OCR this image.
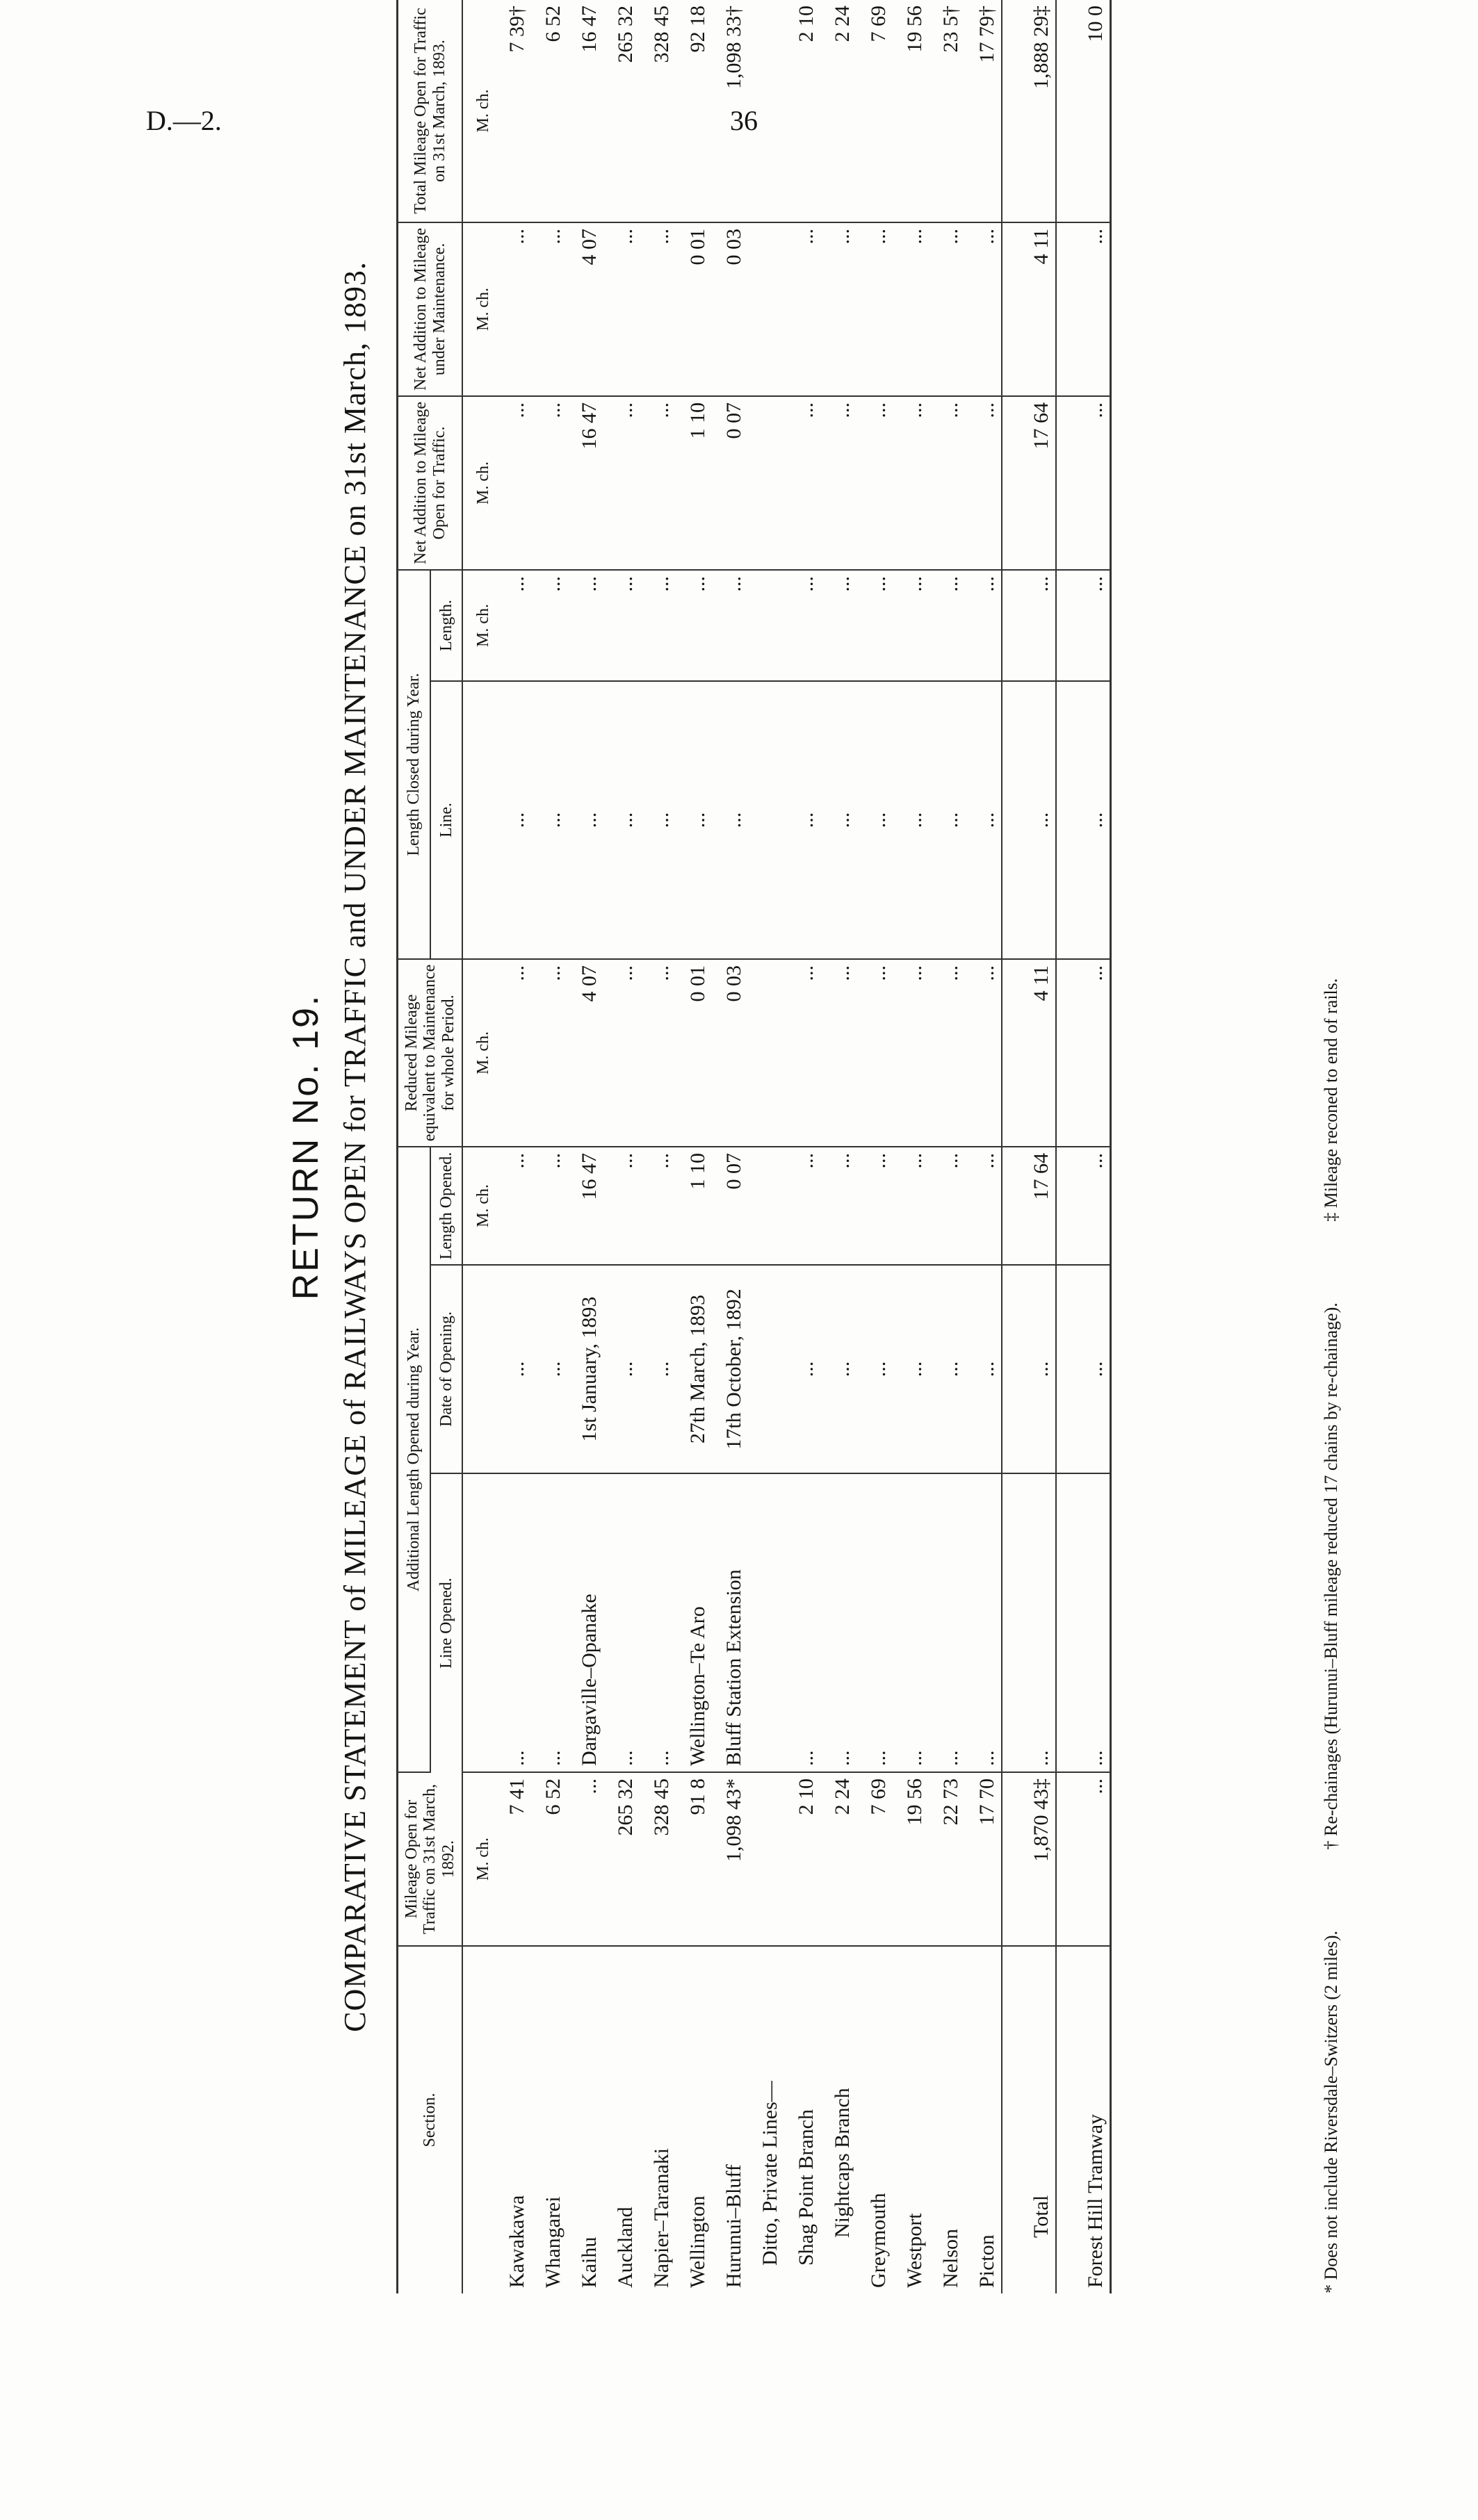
D.—2.	36
RETURN No. 19. COMPARATIVE STATEMENT of MILEAGE of RAILWAYS OPEN for TRAFFIC and UNDER MAINTENANCE on 31st March, 1893.
Section.	Mileage Open for Traffic on 31st March, 1892.	Additional Length Opened during Year.			Reduced Mileage equivalent to Maintenance for whole Period.	Length Closed during Year.		Net Addition to Mileage Open for Traffic.	Net Addition to Mileage under Maintenance.	Total Mileage Open for Traffic on 31st March, 1893.
		Line Opened.	Date of Opening.	Length Opened.		Line.	Length.			
	M. ch.			M. ch.	M. ch.		M. ch.	M. ch.	M. ch.	M. ch.
Kawakawa	7 41	...	...	...	...	...	...	...	...	7 39†
Whangarei	6 52	...	...	...	...	...	...	...	...	6 52
Kaihu	...	Dargaville–Opanake	1st January, 1893	16 47	4 07	...	...	16 47	4 07	16 47
Auckland	265 32	...	...	...	...	...	...	...	...	265 32
Napier–Taranaki	328 45	...	...	...	...	...	...	...	...	328 45
Wellington	91 8	Wellington–Te Aro	27th March, 1893	1 10	0 01	...	...	1 10	0 01	92 18
Hurunui–Bluff	1,098 43*	Bluff Station Extension	17th October, 1892	0 07	0 03	...	...	0 07	0 03	1,098 33†
Ditto, Private Lines—										
Shag Point Branch	2 10	...	...	...	...	...	...	...	...	2 10
Nightcaps Branch	2 24	...	...	...	...	...	...	...	...	2 24
Greymouth	7 69	...	...	...	...	...	...	...	...	7 69
Westport	19 56	...	...	...	...	...	...	...	...	19 56
Nelson	22 73	...	...	...	...	...	...	...	...	23 5†
Picton	17 70	...	...	...	...	...	...	...	...	17 79†
Total	1,870 43‡	...	...	17 64	4 11	...	...	17 64	4 11	1,888 29‡
Forest Hill Tramway	...	...	...	...	...	...	...	...	...	10 0
* Does not include Riversdale–Switzers (2 miles). † Re-chainages (Hurunui–Bluff mileage reduced 17 chains by re-chainage). ‡ Mileage reconed to end of rails.
